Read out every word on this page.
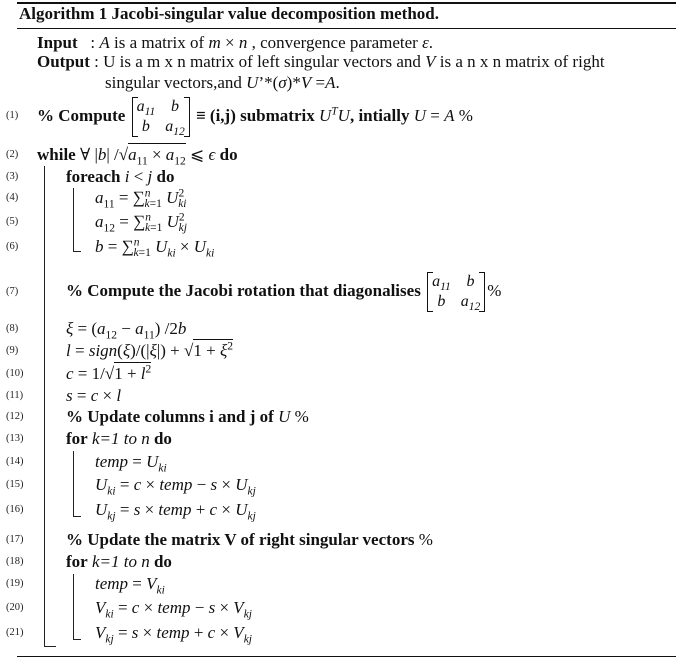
Algorithm 1 Jacobi-singular value decomposition method.
Input   : A is a matrix of m × n , convergence parameter ε.
Output : U is a m x n matrix of left singular vectors and V is a n x n matrix of right
singular vectors,and U’*(σ)*V =A.
(1)
(2)
(3)
(4)
(5)
(6)
(7)
(8)
(9)
(10)
(11)
(12)
(13)
(14)
(15)
(16)
(17)
(18)
(19)
(20)
(21)
% Compute $a_{11}$	b
b	$a_{12}$
≡ (i,j) submatrix $U^TU$, intially U = A %
while ∀ |b| $/√a_{11} \times a_{12}$ ⩽ ϵ do
foreach i < j do
$a_{11} = \sum^n_{k=1}$ $U^2_{ki}$
$a_{12} = \sum^n_{k=1}$ $U^2_{kj}$
b = ∑$^n_{k=1}$ $U_{ki} \times U_{ki}$
% Compute the Jacobi rotation that diagonalises $a_{11}$	b
b	$a_{12}$
%
$\xi = (a_{12} - a_{11})$ /2b
l = sign(ξ)/(|ξ|) + $√1 + \xi^2$
$c = 1/√1 + l^2$
s = c × l
% Update columns i and j of U %
for k=1 to n do
temp = $U_{ki}$
$U_{ki} = c$ × temp − $s \times U_{kj}$
$U_{kj} = s$ × temp + $c \times U_{kj}$
% Update the matrix V of right singular vectors %
for k=1 to n do
temp = $V_{ki}$
$V_{ki} = c$ × temp − $s \times V_{kj}$
$V_{kj} = s$ × temp + $c \times V_{kj}$
